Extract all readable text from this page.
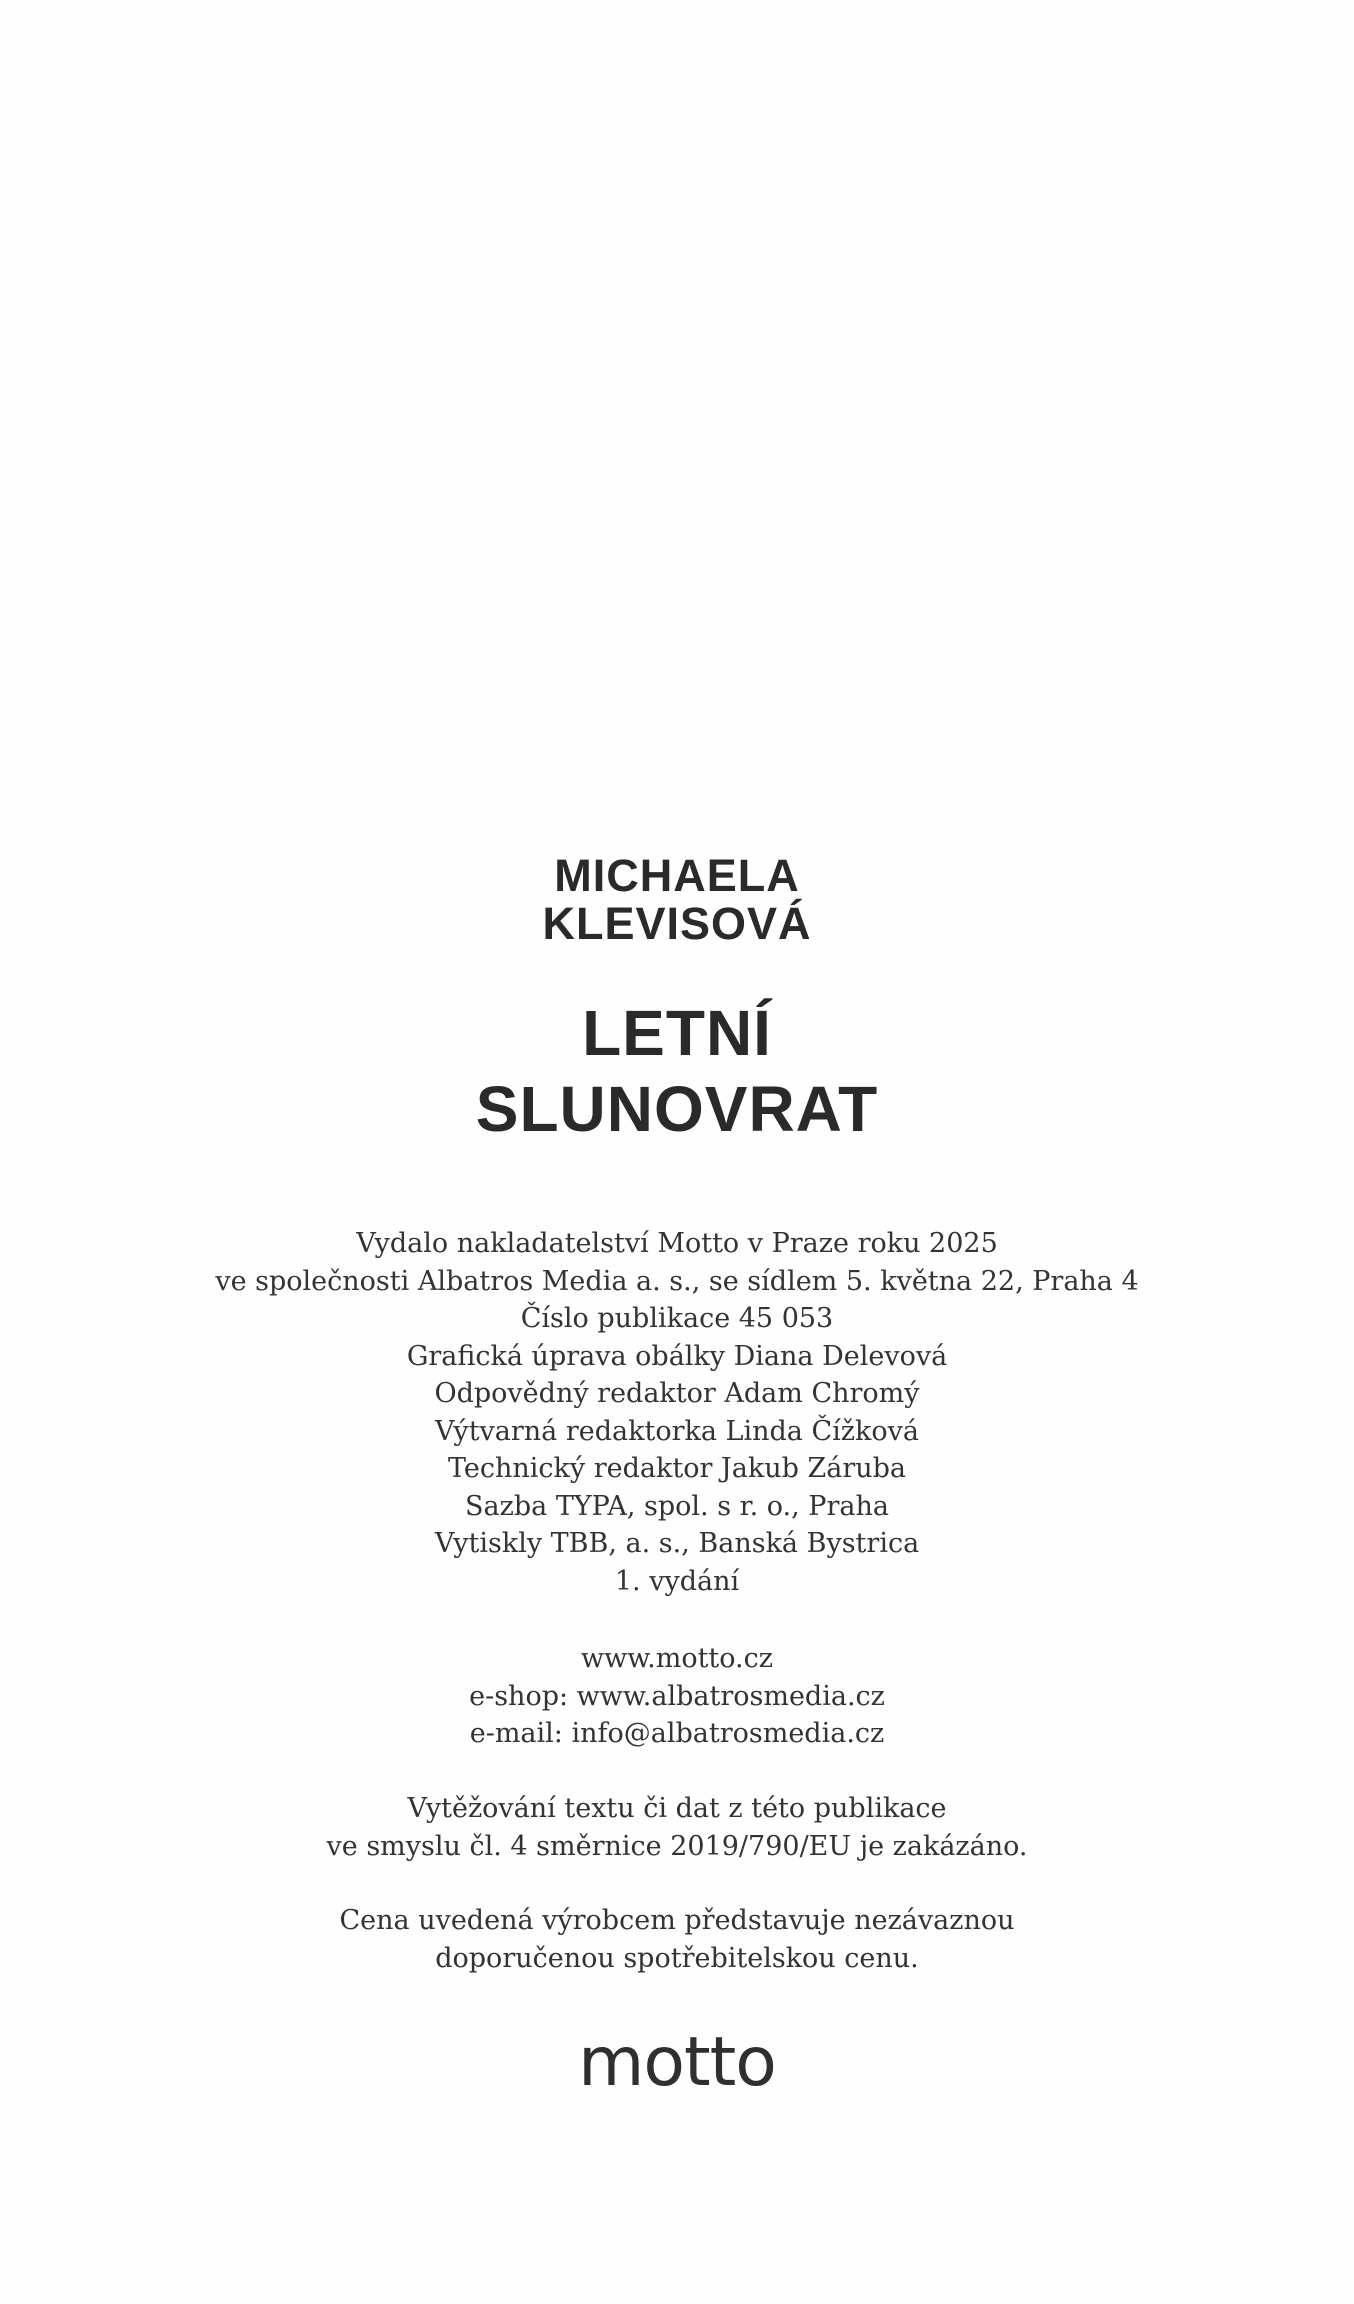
MICHAELA
KLEVISOVÁ
LETNÍ
SLUNOVRAT
Vydalo nakladatelství Motto v Praze roku 2025
ve společnosti Albatros Media a. s., se sídlem 5. května 22, Praha 4
Číslo publikace 45 053
Grafická úprava obálky Diana Delevová
Odpovědný redaktor Adam Chromý
Výtvarná redaktorka Linda Čížková
Technický redaktor Jakub Záruba
Sazba TYPA, spol. s r. o., Praha
Vytiskly TBB, a. s., Banská Bystrica
1. vydání
www.motto.cz
e-shop: www.albatrosmedia.cz
e-mail: info@albatrosmedia.cz
Vytěžování textu či dat z této publikace
ve smyslu čl. 4 směrnice 2019/790/EU je zakázáno.
Cena uvedená výrobcem představuje nezávaznou
doporučenou spotřebitelskou cenu.
motto
